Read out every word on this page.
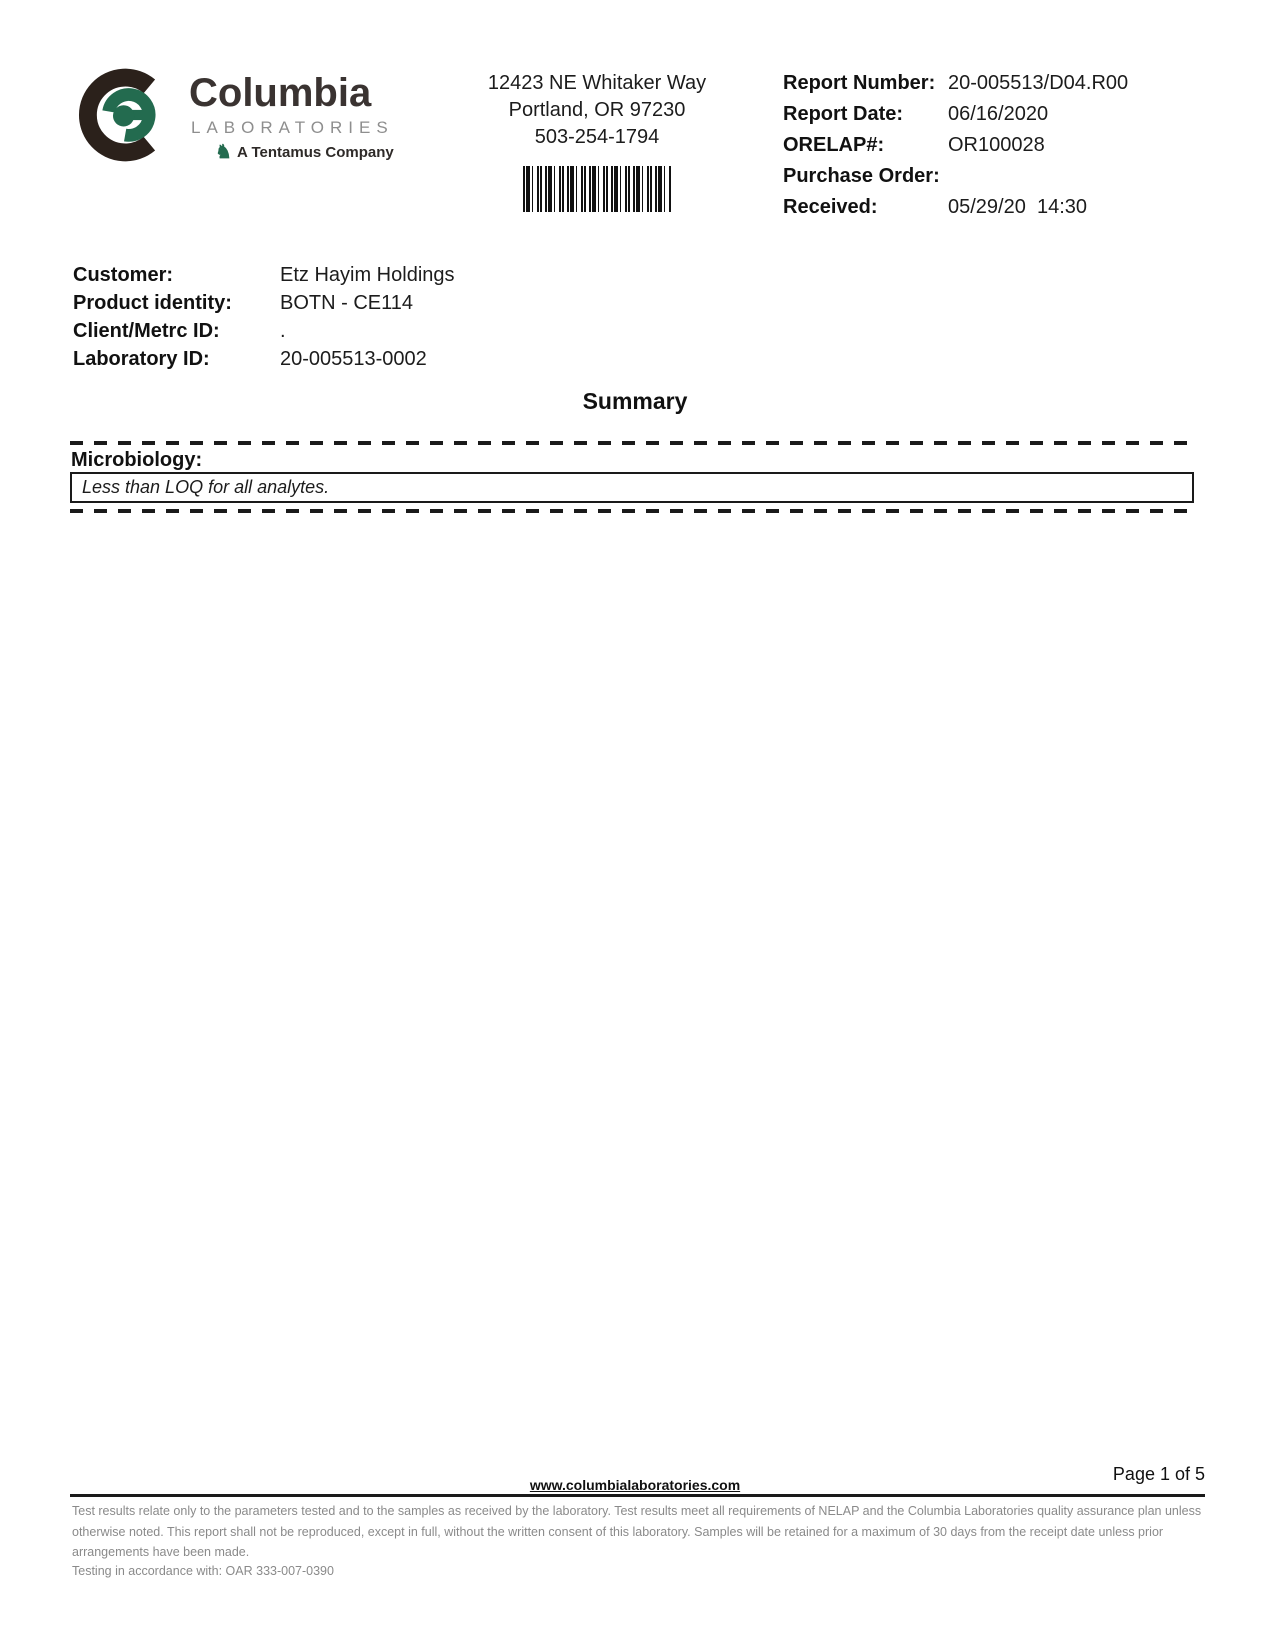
Columbia
LABORATORIES
♞ A Tentamus Company
12423 NE Whitaker Way
Portland, OR 97230
503-254-1794
Report Number: 20-005513/D04.R00
Report Date:	06/16/2020
ORELAP#:	OR100028
Purchase Order:
Received:	05/29/20  14:30
Customer:	Etz Hayim Holdings
Product identity:	BOTN - CE114
Client/Metrc ID:	.
Laboratory ID:	20-005513-0002
Summary
Microbiology:
Less than LOQ for all analytes.
Page 1 of 5
www.columbialaboratories.com
Test results relate only to the parameters tested and to the samples as received by the laboratory. Test results meet all requirements of NELAP and the Columbia Laboratories quality assurance plan unless otherwise noted. This report shall not be reproduced, except in full, without the written consent of this laboratory. Samples will be retained for a maximum of 30 days from the receipt date unless prior arrangements have been made.
Testing in accordance with: OAR 333-007-0390
